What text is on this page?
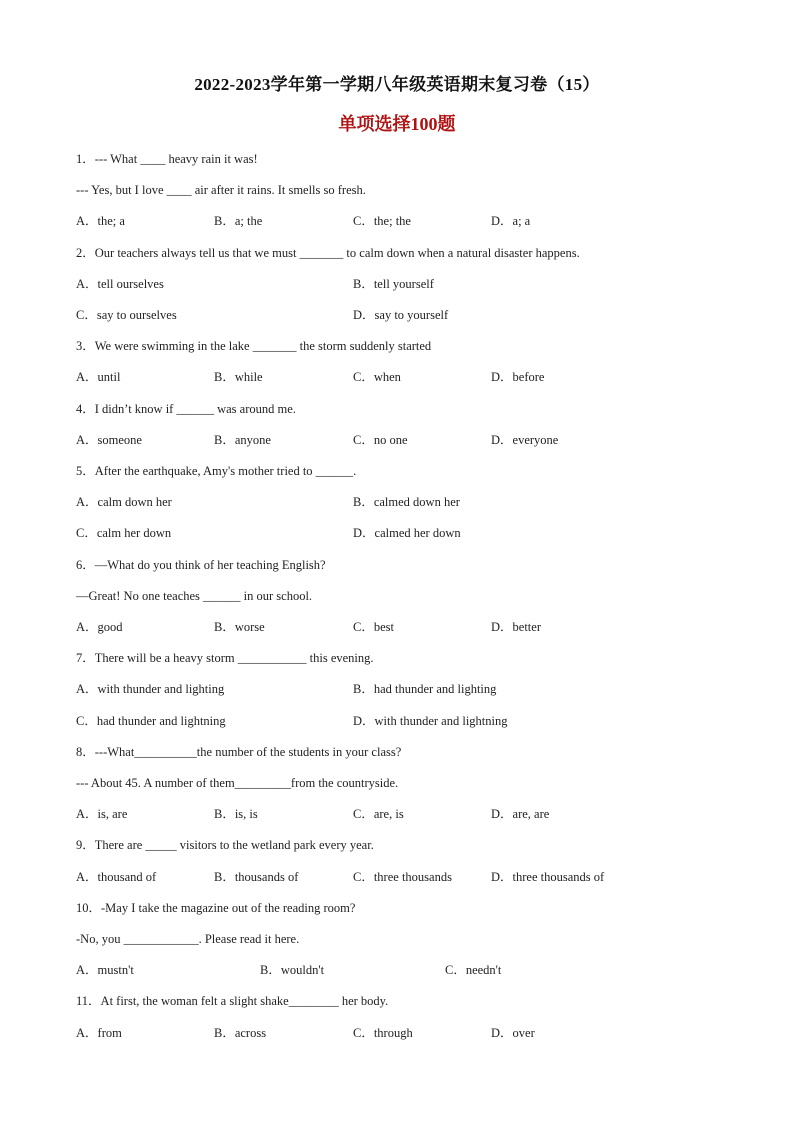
2022-2023学年第一学期八年级英语期末复习卷（15）
单项选择100题
1．--- What ____ heavy rain it was!
--- Yes, but I love ____ air after it rains. It smells so fresh.
A．the; a	B．a; the	C．the; the	D．a; a
2．Our teachers always tell us that we must _______ to calm down when a natural disaster happens.
A．tell ourselves	B．tell yourself
C．say to ourselves	D．say to yourself
3．We were swimming in the lake _______ the storm suddenly started
A．until	B．while	C．when	D．before
4．I didn’t know if ______ was around me.
A．someone	B．anyone	C．no one	D．everyone
5．After the earthquake, Amy's mother tried to ______.
A．calm down her	B．calmed down her
C．calm her down	D．calmed her down
6．—What do you think of her teaching English?
—Great! No one teaches ______ in our school.
A．good	B．worse	C．best	D．better
7．There will be a heavy storm ___________ this evening.
A．with thunder and lighting	B．had thunder and lighting
C．had thunder and lightning	D．with thunder and lightning
8．---What__________the number of the students in your class?
--- About 45. A number of them_________from the countryside.
A．is, are	B．is, is	C．are, is	D．are, are
9．There are _____ visitors to the wetland park every year.
A．thousand of	B．thousands of	C．three thousands	D．three thousands of
10．-May I take the magazine out of the reading room?
-No, you ____________. Please read it here.
A．mustn't	B．wouldn't	C．needn't
11．At first, the woman felt a slight shake________ her body.
A．from	B．across	C．through	D．over
